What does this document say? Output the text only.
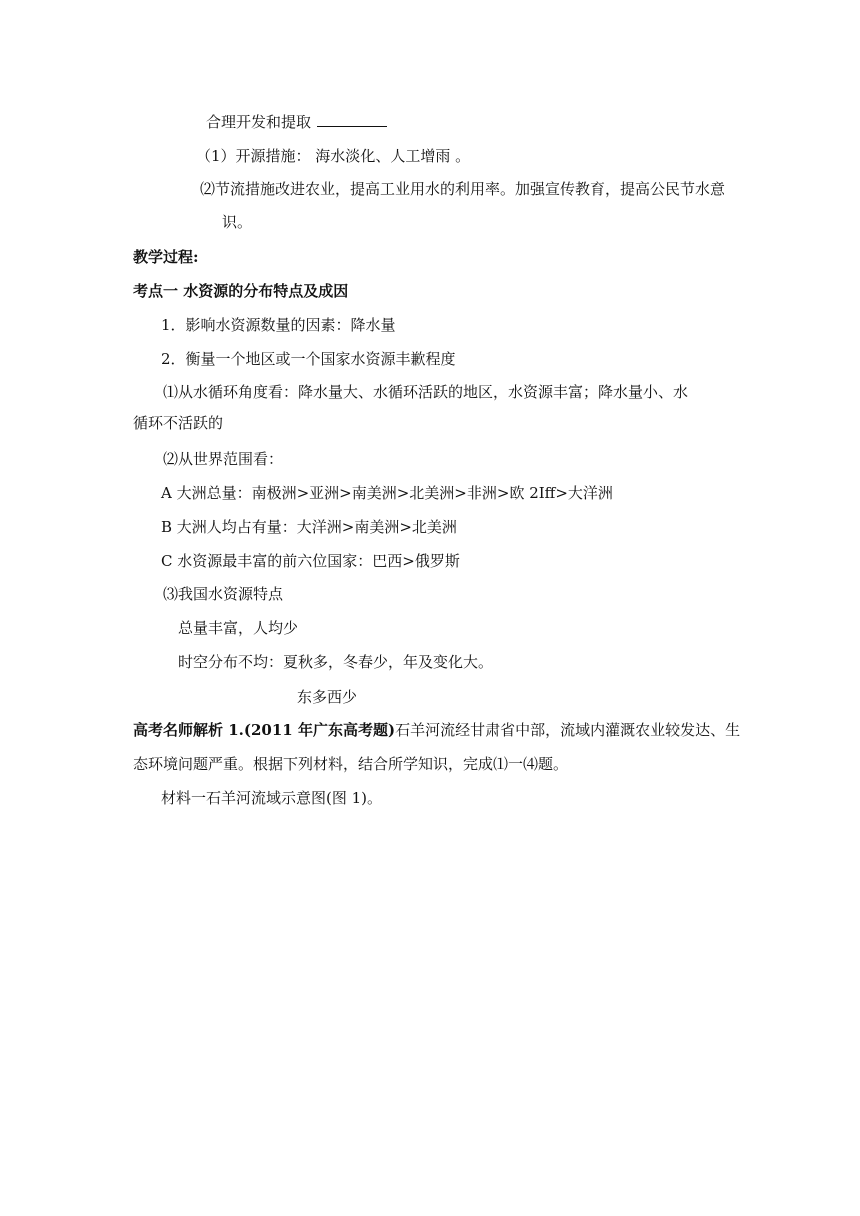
合理开发和提取
（1）开源措施： 海水淡化、人工增雨 。
⑵节流措施改进农业，提高工业用水的利用率。加强宣传教育，提高公民节水意
识。
教学过程:
考点一 水资源的分布特点及成因
1．影响水资源数量的因素：降水量
2．衡量一个地区或一个国家水资源丰歉程度
⑴从水循环角度看：降水量大、水循环活跃的地区，水资源丰富；降水量小、水
循环不活跃的
⑵从世界范围看：
A 大洲总量：南极洲>亚洲>南美洲>北美洲>非洲>欧 2Iff>大洋洲
B 大洲人均占有量：大洋洲>南美洲>北美洲
C 水资源最丰富的前六位国家：巴西>俄罗斯
⑶我国水资源特点
总量丰富，人均少
时空分布不均：夏秋多，冬春少，年及变化大。
东多西少
高考名师解析 1.(2011 年广东高考题)石羊河流经甘肃省中部，流域内灌溉农业较发达、生
态环境问题严重。根据下列材料，结合所学知识，完成⑴一⑷题。
材料一石羊河流域示意图(图 1)。
